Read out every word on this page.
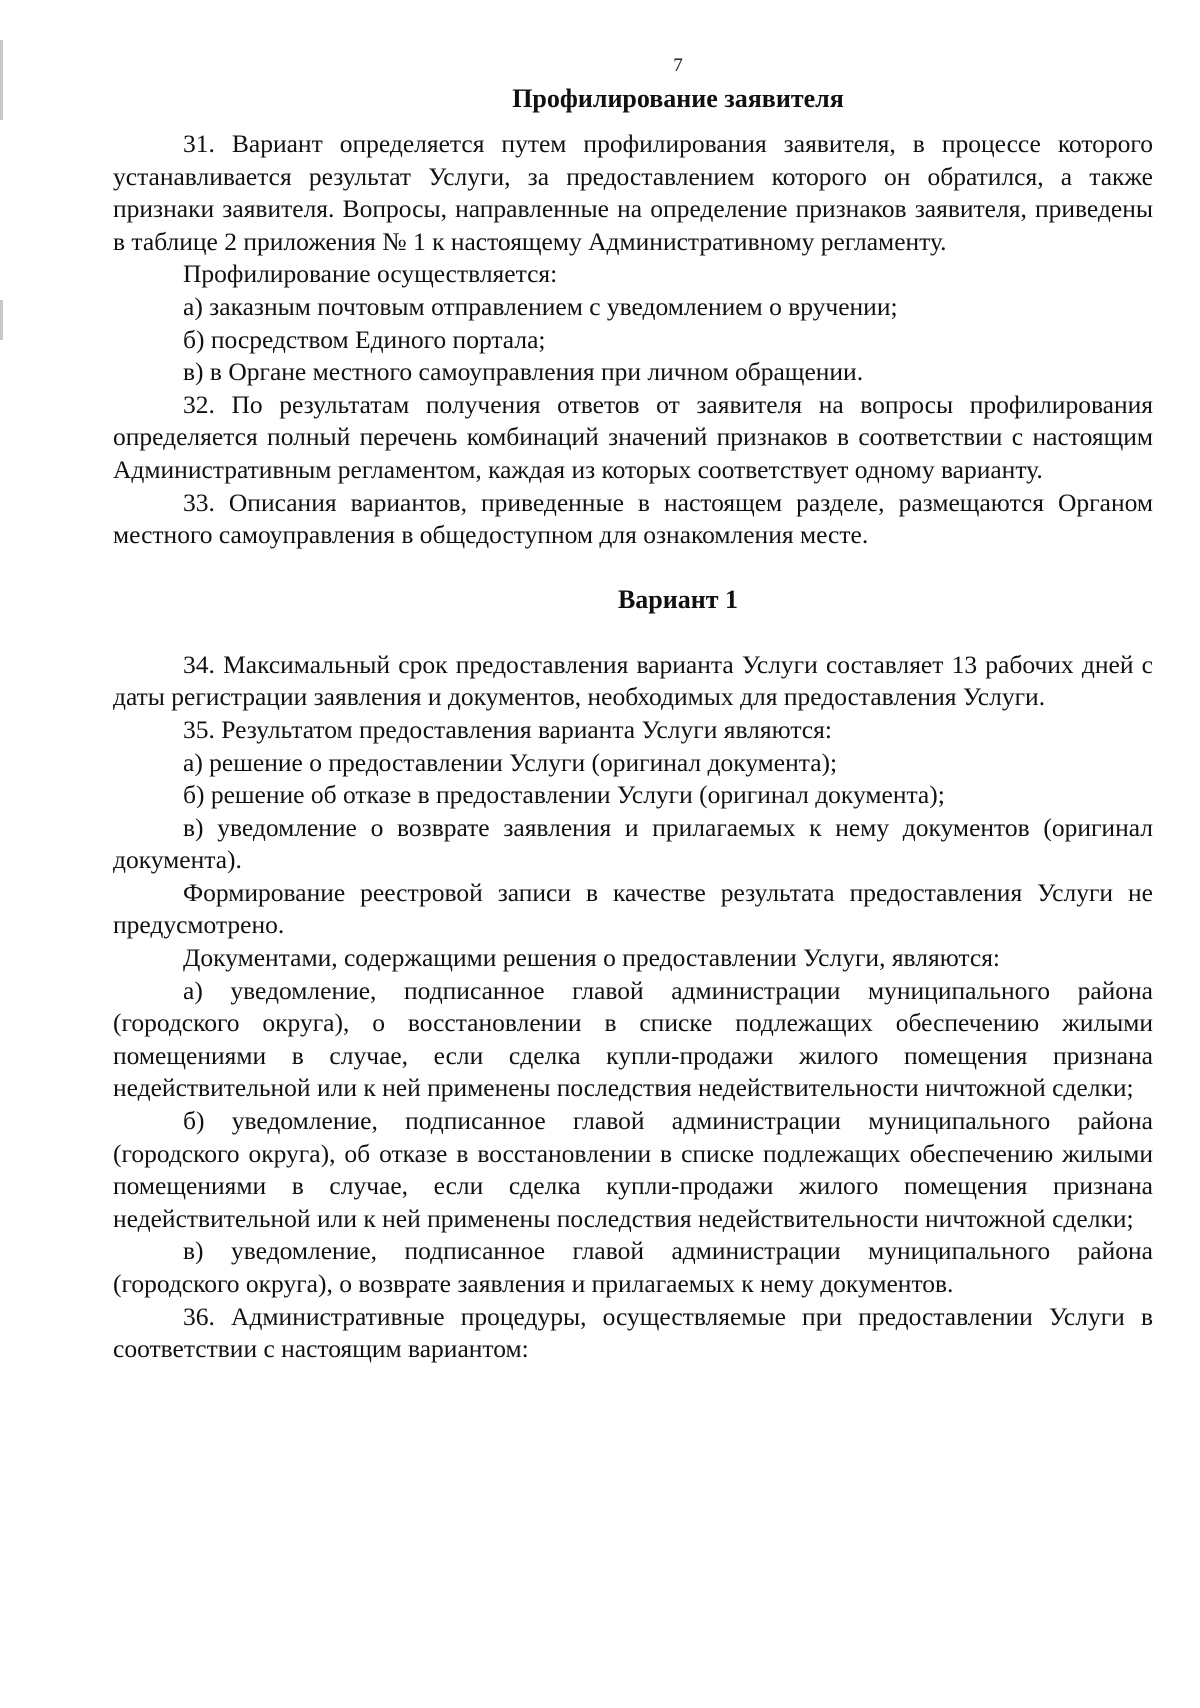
7

Профилирование заявителя

31. Вариант определяется путем профилирования заявителя, в процессе которого устанавливается результат Услуги, за предоставлением которого он обратился, а также признаки заявителя. Вопросы, направленные на определение признаков заявителя, приведены в таблице 2 приложения № 1 к настоящему Административному регламенту.

Профилирование осуществляется:

а) заказным почтовым отправлением с уведомлением о вручении;

б) посредством Единого портала;

в) в Органе местного самоуправления при личном обращении.

32. По результатам получения ответов от заявителя на вопросы профилирования определяется полный перечень комбинаций значений признаков в соответствии с настоящим Административным регламентом, каждая из которых соответствует одному варианту.

33. Описания вариантов, приведенные в настоящем разделе, размещаются Органом местного самоуправления в общедоступном для ознакомления месте.

Вариант 1

34. Максимальный срок предоставления варианта Услуги составляет 13 рабочих дней с даты регистрации заявления и документов, необходимых для предоставления Услуги.

35. Результатом предоставления варианта Услуги являются:

а) решение о предоставлении Услуги (оригинал документа);

б) решение об отказе в предоставлении Услуги (оригинал документа);

в) уведомление о возврате заявления и прилагаемых к нему документов (оригинал документа).

Формирование реестровой записи в качестве результата предоставления Услуги не предусмотрено.

Документами, содержащими решения о предоставлении Услуги, являются:

а) уведомление, подписанное главой администрации муниципального района (городского округа), о восстановлении в списке подлежащих обеспечению жилыми помещениями в случае, если сделка купли-продажи жилого помещения признана недействительной или к ней применены последствия недействительности ничтожной сделки;

б) уведомление, подписанное главой администрации муниципального района (городского округа), об отказе в восстановлении в списке подлежащих обеспечению жилыми помещениями в случае, если сделка купли-продажи жилого помещения признана недействительной или к ней применены последствия недействительности ничтожной сделки;

в) уведомление, подписанное главой администрации муниципального района (городского округа), о возврате заявления и прилагаемых к нему документов.

36. Административные процедуры, осуществляемые при предоставлении Услуги в соответствии с настоящим вариантом:
